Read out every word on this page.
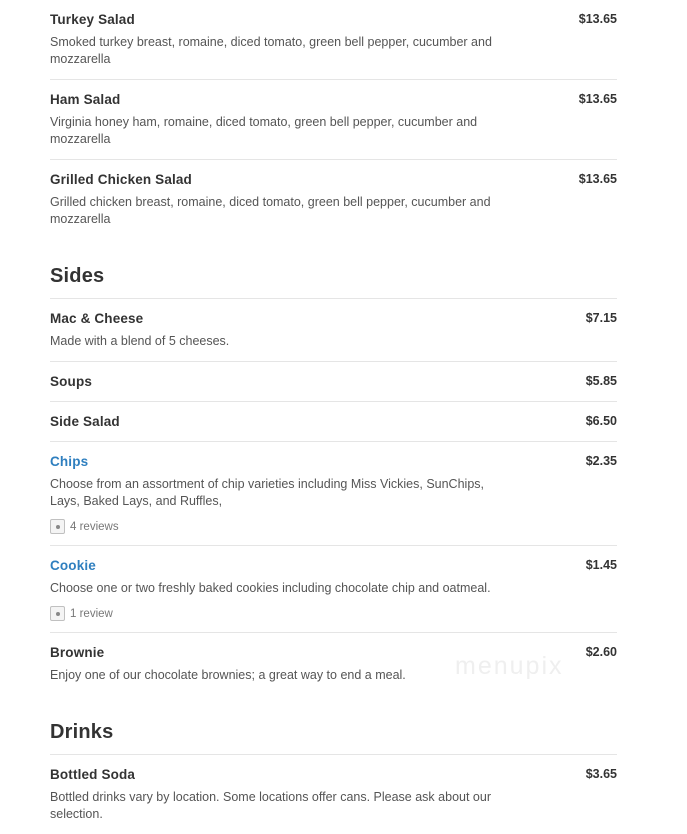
menupix
Turkey Salad	$13.65
Smoked turkey breast, romaine, diced tomato, green bell pepper, cucumber and mozzarella
Ham Salad	$13.65
Virginia honey ham, romaine, diced tomato, green bell pepper, cucumber and mozzarella
Grilled Chicken Salad	$13.65
Grilled chicken breast, romaine, diced tomato, green bell pepper, cucumber and mozzarella
Sides
Mac & Cheese	$7.15
Made with a blend of 5 cheeses.
Soups	$5.85
Side Salad	$6.50
Chips	$2.35
Choose from an assortment of chip varieties including Miss Vickies, SunChips, Lays, Baked Lays, and Ruffles,
4 reviews
Cookie	$1.45
Choose one or two freshly baked cookies including chocolate chip and oatmeal.
1 review
Brownie	$2.60
Enjoy one of our chocolate brownies; a great way to end a meal.
Drinks
Bottled Soda	$3.65
Bottled drinks vary by location. Some locations offer cans. Please ask about our selection.
